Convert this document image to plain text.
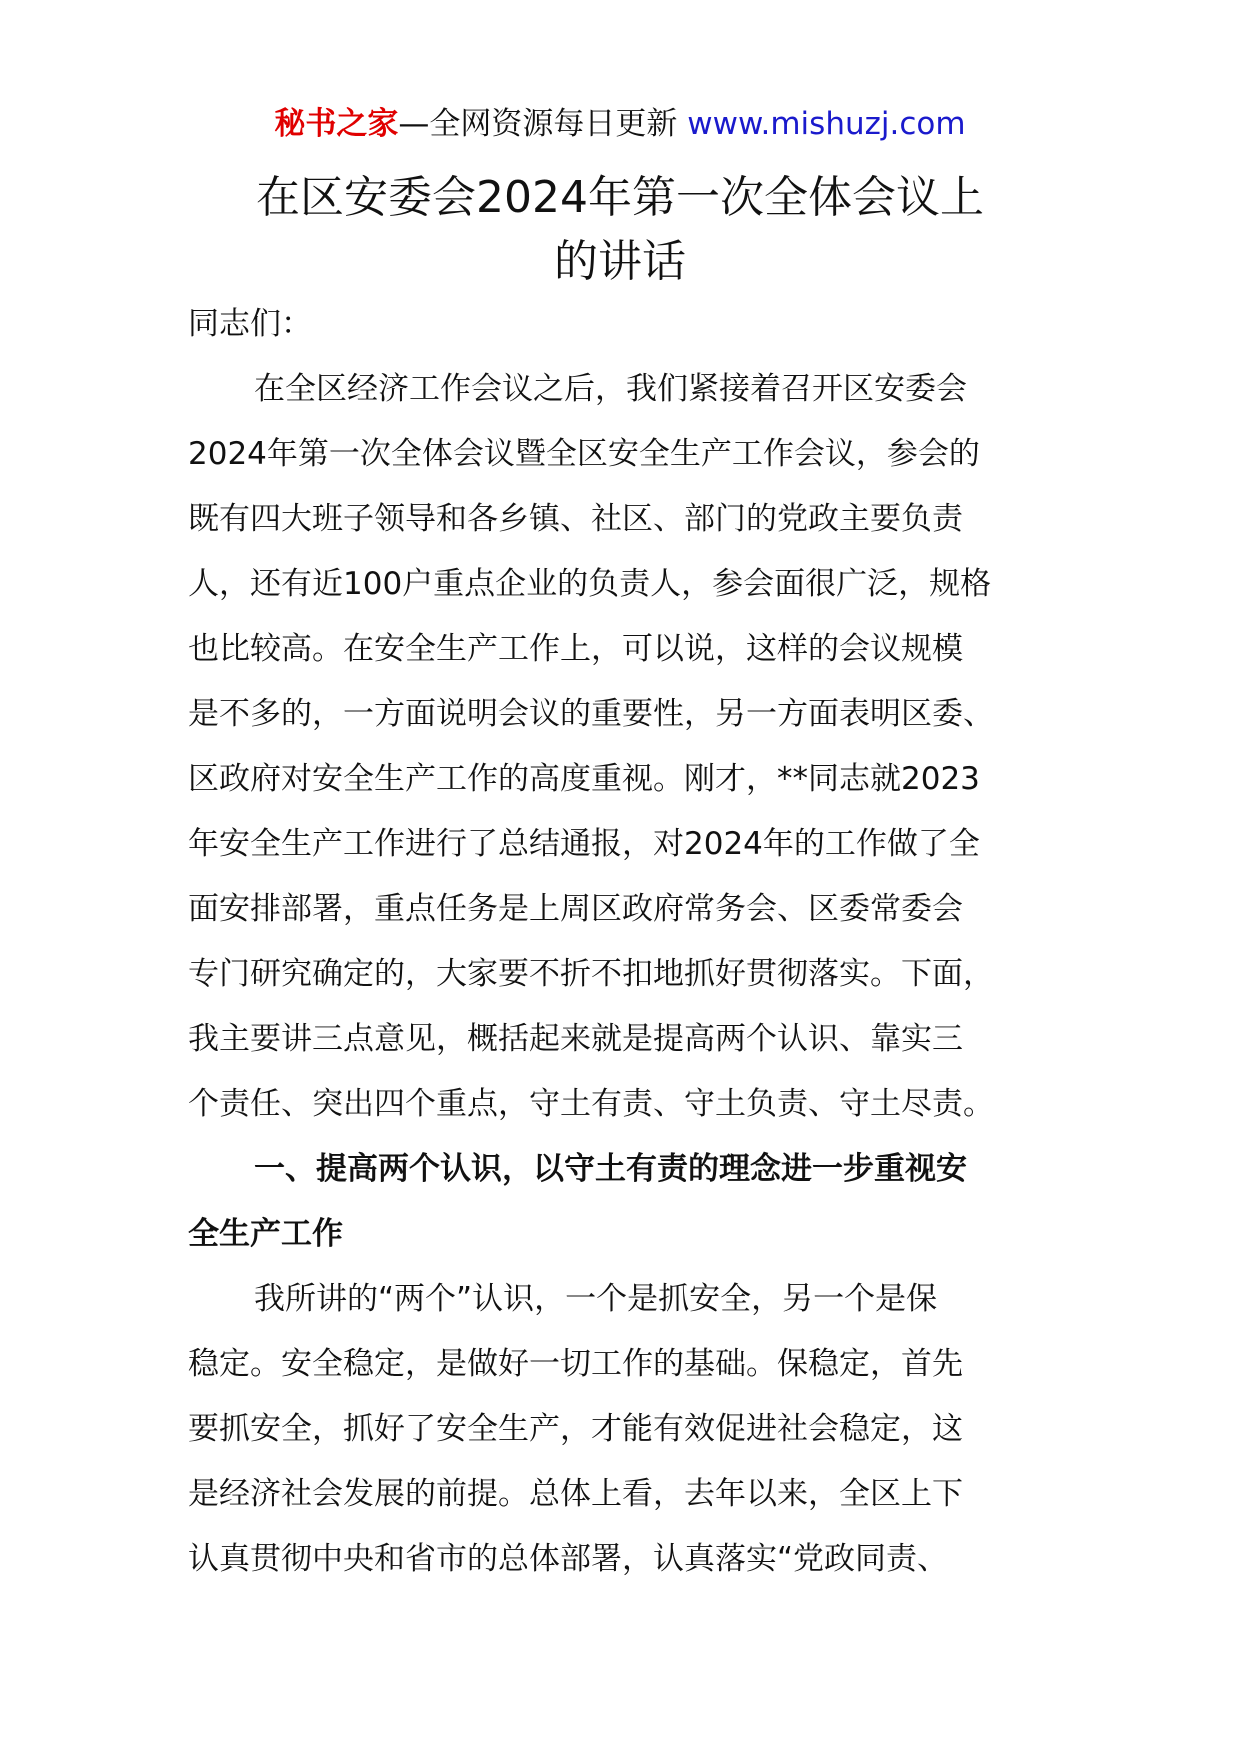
秘书之家—全网资源每日更新 www.mishuzj.com
在区安委会2024年第一次全体会议上
的讲话

同志们：

在全区经济工作会议之后，我们紧接着召开区安委会

2024年第一次全体会议暨全区安全生产工作会议，参会的

既有四大班子领导和各乡镇、社区、部门的党政主要负责

人，还有近100户重点企业的负责人，参会面很广泛，规格

也比较高。在安全生产工作上，可以说，这样的会议规模

是不多的，一方面说明会议的重要性，另一方面表明区委、

区政府对安全生产工作的高度重视。刚才，**同志就2023

年安全生产工作进行了总结通报，对2024年的工作做了全

面安排部署，重点任务是上周区政府常务会、区委常委会

专门研究确定的，大家要不折不扣地抓好贯彻落实。下面，

我主要讲三点意见，概括起来就是提高两个认识、靠实三

个责任、突出四个重点，守土有责、守土负责、守土尽责。

一、提高两个认识，以守土有责的理念进一步重视安

全生产工作

我所讲的“两个”认识，一个是抓安全，另一个是保

稳定。安全稳定，是做好一切工作的基础。保稳定，首先

要抓安全，抓好了安全生产，才能有效促进社会稳定，这

是经济社会发展的前提。总体上看，去年以来，全区上下

认真贯彻中央和省市的总体部署，认真落实“党政同责、
